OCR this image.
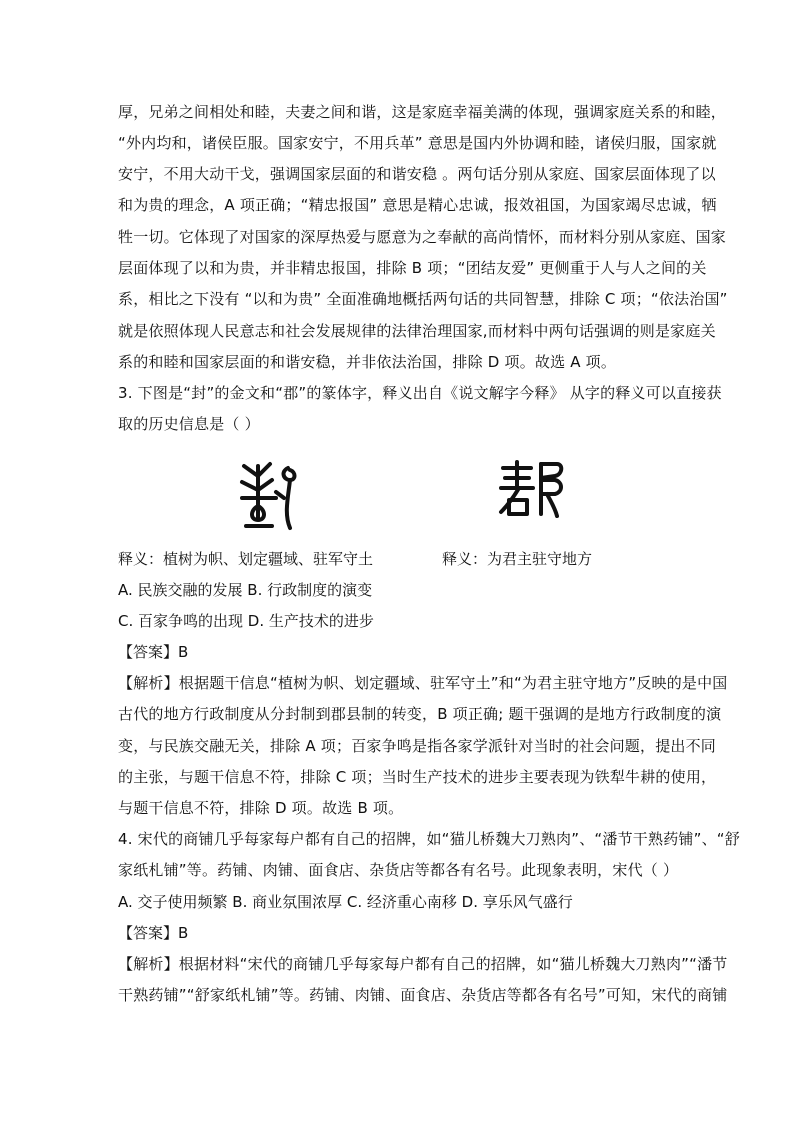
厚，兄弟之间相处和睦，夫妻之间和谐，这是家庭幸福美满的体现，强调家庭关系的和睦，
“外内均和，诸侯臣服。国家安宁，不用兵革” 意思是国内外协调和睦，诸侯归服，国家就
安宁，不用大动干戈，强调国家层面的和谐安稳 。两句话分别从家庭、国家层面体现了以
和为贵的理念，A 项正确；“精忠报国” 意思是精心忠诚，报效祖国，为国家竭尽忠诚，牺
牲一切。它体现了对国家的深厚热爱与愿意为之奉献的高尚情怀，而材料分别从家庭、国家
层面体现了以和为贵，并非精忠报国，排除 B 项；“团结友爱” 更侧重于人与人之间的关
系，相比之下没有 “以和为贵” 全面准确地概括两句话的共同智慧，排除 C 项；“依法治国”
就是依照体现人民意志和社会发展规律的法律治理国家,而材料中两句话强调的则是家庭关
系的和睦和国家层面的和谐安稳，并非依法治国，排除 D 项。故选 A 项。
3. 下图是“封”的金文和“郡”的篆体字，释义出自《说文解字今释》 从字的释义可以直接获
取的历史信息是（ ）
释义：植树为帜、划定疆域、驻军守土	释义：为君主驻守地方
A. 民族交融的发展 B. 行政制度的演变
C. 百家争鸣的出现 D. 生产技术的进步
【答案】B
【解析】根据题干信息“植树为帜、划定疆域、驻军守土”和“为君主驻守地方”反映的是中国
古代的地方行政制度从分封制到郡县制的转变，B 项正确; 题干强调的是地方行政制度的演
变，与民族交融无关，排除 A 项；百家争鸣是指各家学派针对当时的社会问题，提出不同
的主张，与题干信息不符，排除 C 项；当时生产技术的进步主要表现为铁犁牛耕的使用，
与题干信息不符，排除 D 项。故选 B 项。
4. 宋代的商铺几乎每家每户都有自己的招牌，如“猫儿桥魏大刀熟肉”、“潘节干熟药铺”、“舒
家纸札铺”等。药铺、肉铺、面食店、杂货店等都各有名号。此现象表明，宋代（ ）
A. 交子使用频繁 B. 商业氛围浓厚 C. 经济重心南移 D. 享乐风气盛行
【答案】B
【解析】根据材料“宋代的商铺几乎每家每户都有自己的招牌，如“猫儿桥魏大刀熟肉”“潘节
干熟药铺”“舒家纸札铺”等。药铺、肉铺、面食店、杂货店等都各有名号”可知，宋代的商铺
